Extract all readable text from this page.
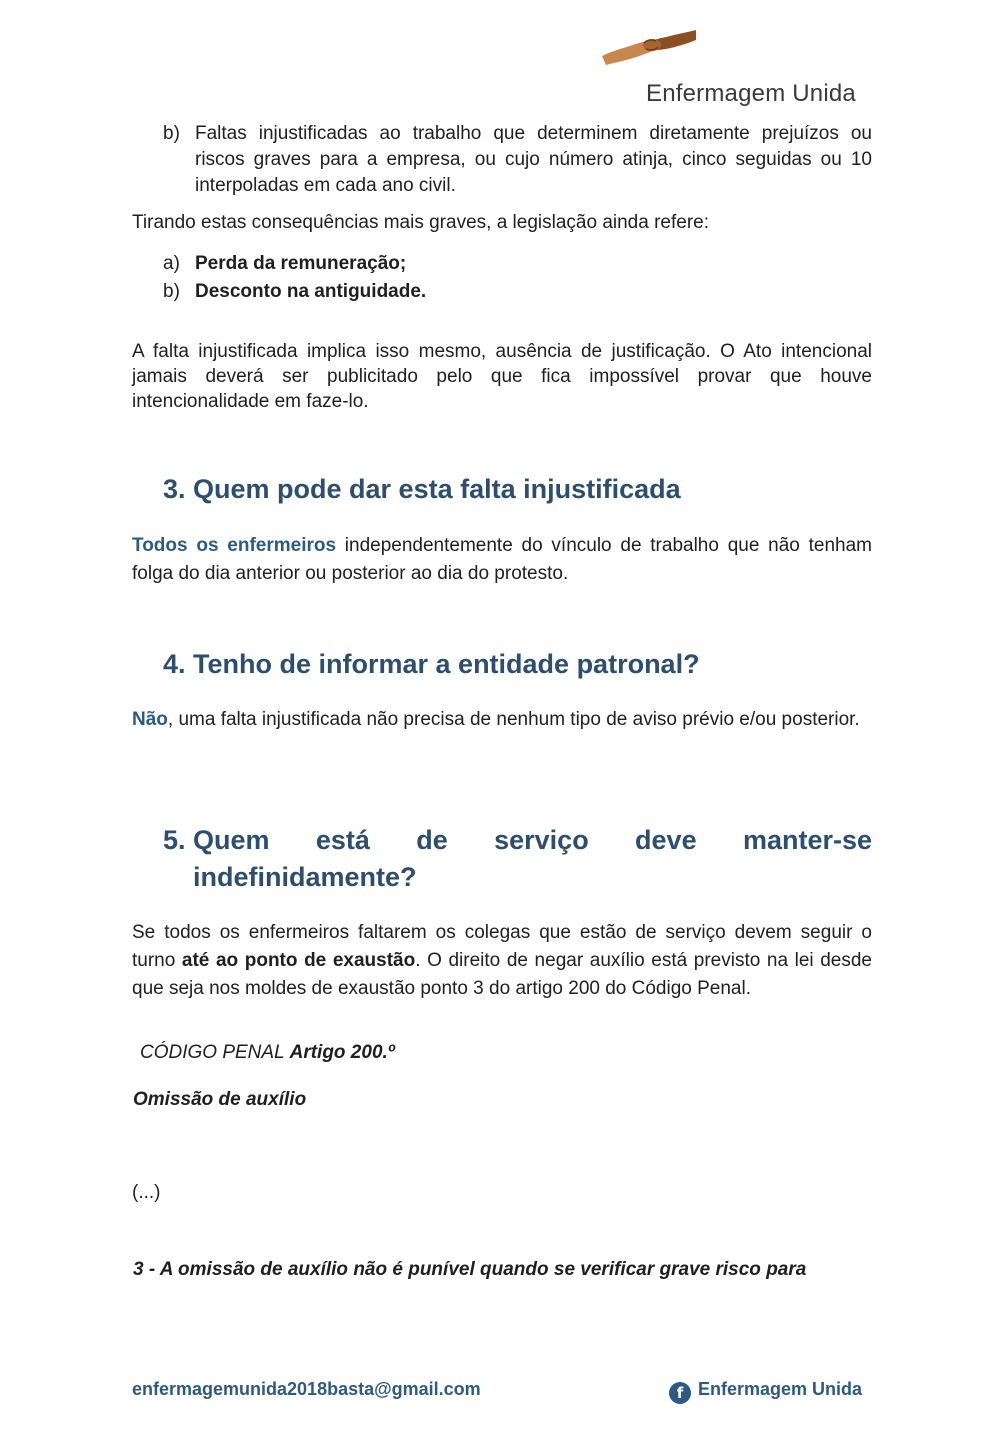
Enfermagem Unida
b) Faltas injustificadas ao trabalho que determinem diretamente prejuízos ou riscos graves para a empresa, ou cujo número atinja, cinco seguidas ou 10 interpoladas em cada ano civil.
Tirando estas consequências mais graves, a legislação ainda refere:
a) Perda da remuneração;
b) Desconto na antiguidade.
A falta injustificada implica isso mesmo, ausência de justificação. O Ato intencional jamais deverá ser publicitado pelo que fica impossível provar que houve intencionalidade em faze-lo.
3. Quem pode dar esta falta injustificada
Todos os enfermeiros independentemente do vínculo de trabalho que não tenham folga do dia anterior ou posterior ao dia do protesto.
4. Tenho de informar a entidade patronal?
Não, uma falta injustificada não precisa de nenhum tipo de aviso prévio e/ou posterior.
5. Quem está de serviço deve manter-se
indefinidamente?
Se todos os enfermeiros faltarem os colegas que estão de serviço devem seguir o turno até ao ponto de exaustão. O direito de negar auxílio está previsto na lei desde que seja nos moldes de exaustão ponto 3 do artigo 200 do Código Penal.
CÓDIGO PENAL Artigo 200.º
Omissão de auxílio
(...)
3 - A omissão de auxílio não é punível quando se verificar grave risco para
enfermagemunida2018basta@gmail.com	f Enfermagem Unida
